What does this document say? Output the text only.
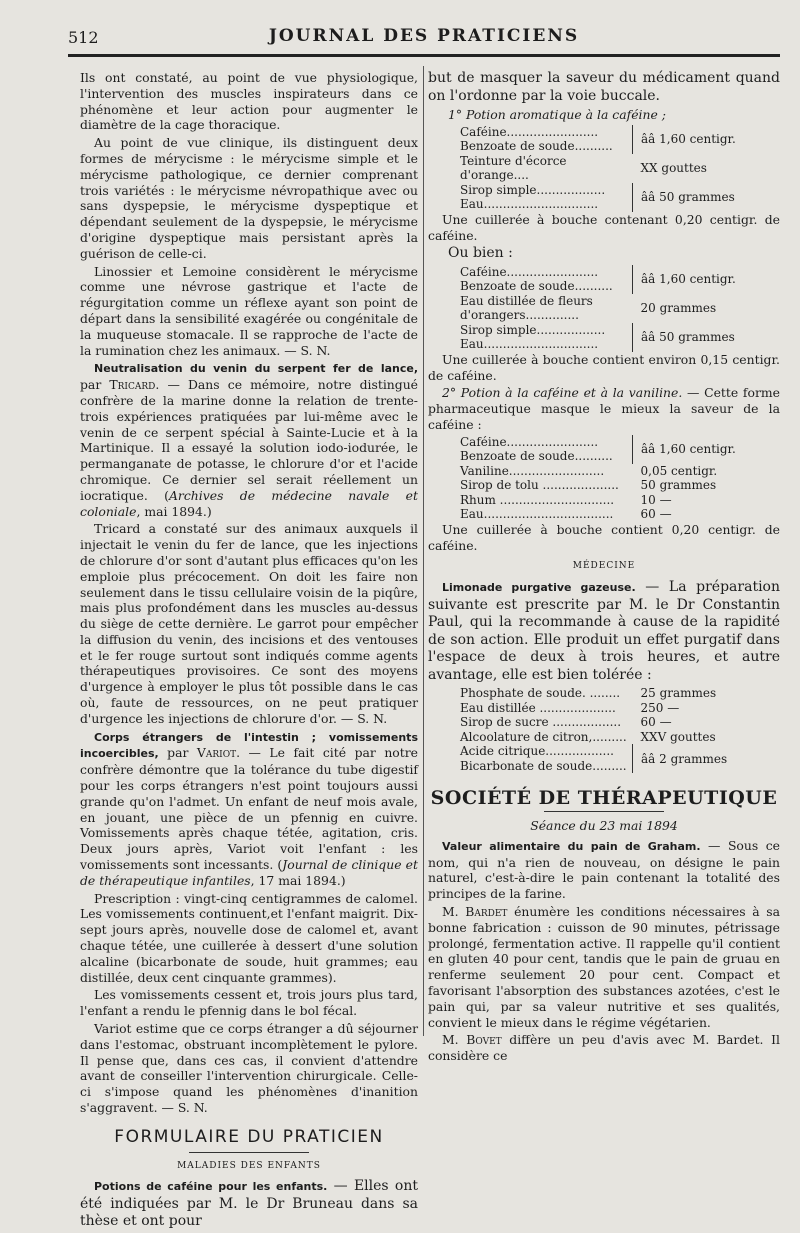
512	JOURNAL DES PRATICIENS

Ils ont constaté, au point de vue physiologique, l'intervention des muscles inspirateurs dans ce phénomène et leur action pour augmenter le diamètre de la cage thoracique.

Au point de vue clinique, ils distinguent deux formes de mérycisme : le mérycisme simple et le mérycisme pathologique, ce dernier comprenant trois variétés : le mérycisme névropathique avec ou sans dyspepsie, le mérycisme dyspeptique et dépendant seulement de la dyspepsie, le mérycisme d'origine dyspeptique mais persistant après la guérison de celle-ci.

Linossier et Lemoine considèrent le mérycisme comme une névrose gastrique et l'acte de régurgitation comme un réflexe ayant son point de départ dans la sensibilité exagérée ou congénitale de la muqueuse stomacale. Il se rapproche de l'acte de la rumination chez les animaux. — S. N.

Neutralisation du venin du serpent fer de lance, par Tricard. — Dans ce mémoire, notre distingué confrère de la marine donne la relation de trente-trois expériences pratiquées par lui-même avec le venin de ce serpent spécial à Sainte-Lucie et à la Martinique. Il a essayé la solution iodo-iodurée, le permanganate de potasse, le chlorure d'or et l'acide chromique. Ce dernier sel serait réellement un iocratique. (Archives de médecine navale et coloniale, mai 1894.)

Tricard a constaté sur des animaux auxquels il injectait le venin du fer de lance, que les injections de chlorure d'or sont d'autant plus efficaces qu'on les emploie plus précocement. On doit les faire non seulement dans le tissu cellulaire voisin de la piqûre, mais plus profondément dans les muscles au-dessus du siège de cette dernière. Le garrot pour empêcher la diffusion du venin, des incisions et des ventouses et le fer rouge surtout sont indiqués comme agents thérapeutiques provisoires. Ce sont des moyens d'urgence à employer le plus tôt possible dans le cas où, faute de ressources, on ne peut pratiquer d'urgence les injections de chlorure d'or. — S. N.

Corps étrangers de l'intestin ; vomissements incoercibles, par Variot. — Le fait cité par notre confrère démontre que la tolérance du tube digestif pour les corps étrangers n'est point toujours aussi grande qu'on l'admet. Un enfant de neuf mois avale, en jouant, une pièce de un pfennig en cuivre. Vomissements après chaque tétée, agitation, cris. Deux jours après, Variot voit l'enfant : les vomissements sont incessants. (Journal de clinique et de thérapeutique infantiles, 17 mai 1894.)

Prescription : vingt-cinq centigrammes de calomel. Les vomissements continuent,et l'enfant maigrit. Dix-sept jours après, nouvelle dose de calomel et, avant chaque tétée, une cuillerée à dessert d'une solution alcaline (bicarbonate de soude, huit grammes; eau distillée, deux cent cinquante grammes).

Les vomissements cessent et, trois jours plus tard, l'enfant a rendu le pfennig dans le bol fécal.

Variot estime que ce corps étranger a dû séjourner dans l'estomac, obstruant incomplètement le pylore. Il pense que, dans ces cas, il convient d'attendre avant de conseiller l'intervention chirurgicale. Celle-ci s'impose quand les phénomènes d'inanition s'aggravent. — S. N.

FORMULAIRE DU PRATICIEN
MALADIES DES ENFANTS

Potions de caféine pour les enfants. — Elles ont été indiquées par M. le Dr Bruneau dans sa thèse et ont pour

but de masquer la saveur du médicament quand on l'ordonne par la voie buccale.

1° Potion aromatique à la caféine ;
Caféine........................	ââ 1,60 centigr.
Benzoate de soude..........	
Teinture d'écorce d'orange....	XX gouttes
Sirop simple..................	ââ 50 grammes
Eau..............................	

Une cuillerée à bouche contenant 0,20 centigr. de caféine.

Ou bien :

Caféine........................	ââ 1,60 centigr.
Benzoate de soude..........	
Eau distillée de fleurs d'orangers..............	20 grammes
Sirop simple..................	ââ 50 grammes
Eau..............................	

Une cuillerée à bouche contient environ 0,15 centigr. de caféine.

2° Potion à la caféine et à la vaniline. — Cette forme pharmaceutique masque le mieux la saveur de la caféine :

Caféine........................	ââ 1,60 centigr.
Benzoate de soude..........	
Vaniline.........................	0,05 centigr.
Sirop de tolu ....................	50 grammes
Rhum ..............................	10 —
Eau..................................	60 —

Une cuillerée à bouche contient 0,20 centigr. de caféine.

MÉDECINE

Limonade purgative gazeuse. — La préparation suivante est prescrite par M. le Dr Constantin Paul, qui la recommande à cause de la rapidité de son action. Elle produit un effet purgatif dans l'espace de deux à trois heures, et autre avantage, elle est bien tolérée :

Phosphate de soude. ........	25 grammes
Eau distillée ....................	250 —
Sirop de sucre ..................	60 —
Alcoolature de citron,.........	XXV gouttes
Acide citrique..................	ââ 2 grammes
Bicarbonate de soude.........	
SOCIÉTÉ DE THÉRAPEUTIQUE

Séance du 23 mai 1894

Valeur alimentaire du pain de Graham. — Sous ce nom, qui n'a rien de nouveau, on désigne le pain naturel, c'est-à-dire le pain contenant la totalité des principes de la farine.

M. Bardet énumère les conditions nécessaires à sa bonne fabrication : cuisson de 90 minutes, pétrissage prolongé, fermentation active. Il rappelle qu'il contient en gluten 40 pour cent, tandis que le pain de gruau en renferme seulement 20 pour cent. Compact et favorisant l'absorption des substances azotées, c'est le pain qui, par sa valeur nutritive et ses qualités, convient le mieux dans le régime végétarien.

M. Bovet diffère un peu d'avis avec M. Bardet. Il considère ce
